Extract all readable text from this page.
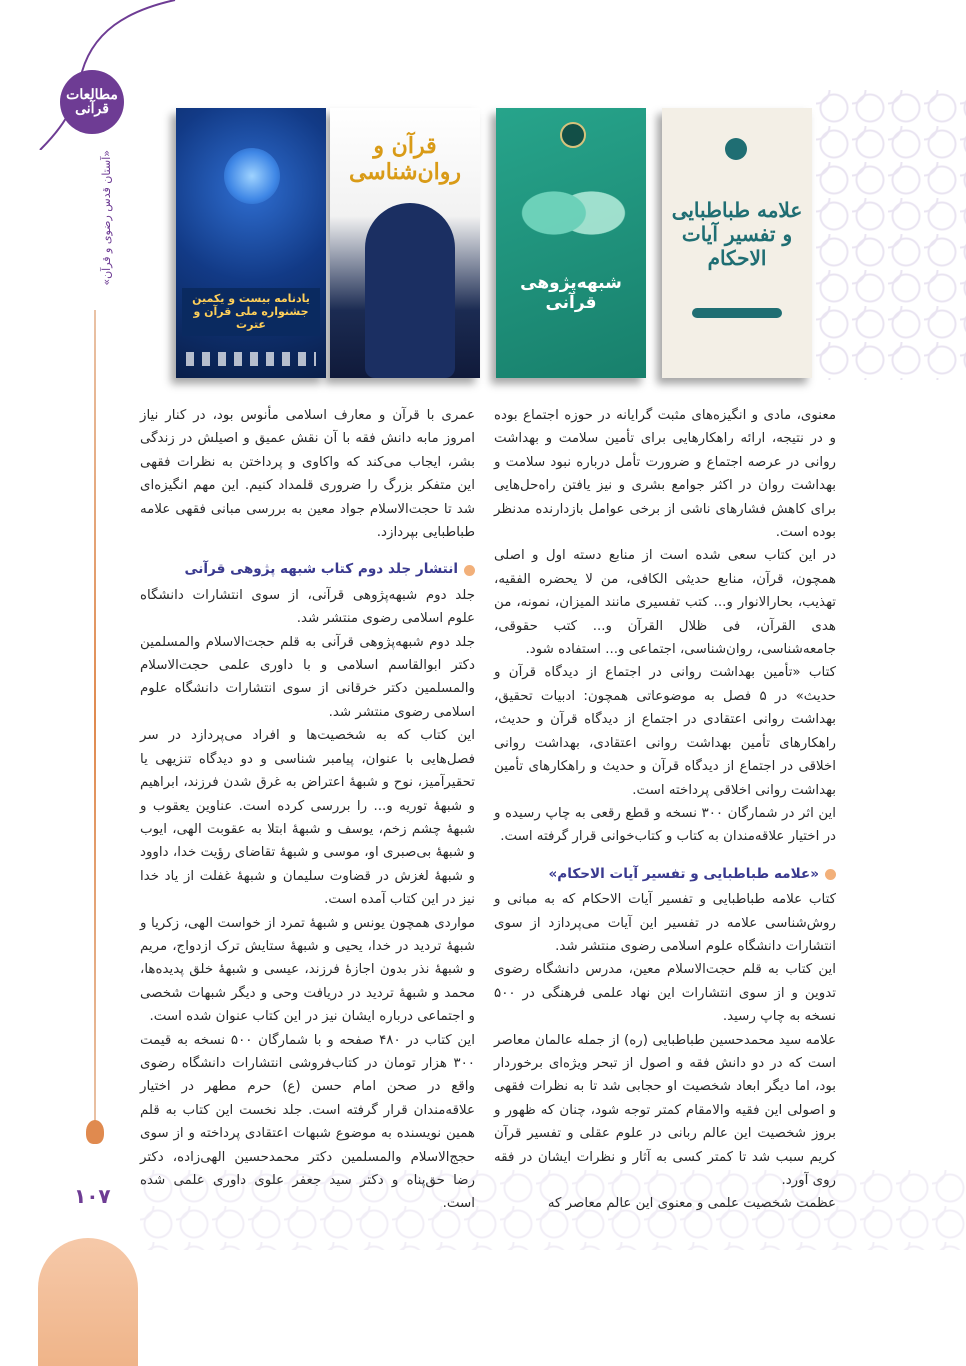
مطالعات
قرآنی
«آستان قدس رضوی و قرآن»
۱۰۷
علامه طباطبایی و تفسیر آیات الاحکام
شبهه‌پژوهی قرآنی
قرآن و روان‌شناسی
یادنامه بیست و یکمین جشنواره ملی قرآن و عترت

معنوی، مادی و انگیزه‌های مثبت گرایانه در حوزه اجتماع بوده و در نتیجه، ارائه راهکارهایی برای تأمین سلامت و بهداشت روانی در عرصه اجتماع و ضرورت تأمل درباره نبود سلامت و بهداشت روان در اکثر جوامع بشری و نیز یافتن راه‌حل‌هایی برای کاهش فشارهای ناشی از برخی عوامل بازدارنده مدنظر بوده است.

در این کتاب سعی شده است از منابع دسته اول و اصلی همچون، قرآن، منابع حدیثی الکافی، من لا یحضره الفقیه، تهذیب، بحارالانوار و... کتب تفسیری مانند المیزان، نمونه، من هدی القرآن، فی ظلال القرآن و... کتب حقوقی، جامعه‌شناسی، روان‌شناسی، اجتماعی و... استفاده شود.

کتاب «تأمین بهداشت روانی در اجتماع از دیدگاه قرآن و حدیث» در ۵ فصل به موضوعاتی همچون: ادبیات تحقیق، بهداشت روانی اعتقادی در اجتماع از دیدگاه قرآن و حدیث، راهکارهای تأمین بهداشت روانی اعتقادی، بهداشت روانی اخلاقی در اجتماع از دیدگاه قرآن و حدیث و راهکارهای تأمین بهداشت روانی اخلاقی پرداخته است.

این اثر در شمارگان ۳۰۰ نسخه و قطع رقعی به چاپ رسیده و در اختیار علاقه‌مندان به کتاب و کتاب‌خوانی قرار گرفته است.

«علامه طباطبایی و تفسیر آیات الاحکام»

کتاب علامه طباطبایی و تفسیر آیات الاحکام که به مبانی و روش‌شناسی علامه در تفسیر این آیات می‌پردازد از سوی انتشارات دانشگاه علوم اسلامی رضوی منتشر شد.

این کتاب به قلم حجت‌الاسلام معین، مدرس دانشگاه رضوی تدوین و از سوی انتشارات این نهاد علمی فرهنگی در ۵۰۰ نسخه به چاپ رسید.

علامه سید محمدحسین طباطبایی (ره) از جمله عالمان معاصر است که در دو دانش فقه و اصول از تبحر ویژه‌ای برخوردار بود، اما دیگر ابعاد شخصیت او حجابی شد تا به نظرات فقهی و اصولی این فقیه والامقام کمتر توجه شود، چنان که ظهور و بروز شخصیت این عالم ربانی در علوم عقلی و تفسیر قرآن کریم سبب شد تا کمتر کسی به آثار و نظرات ایشان در فقه روی آورد.

عظمت شخصیت علمی و معنوی این عالم معاصر که

عمری با قرآن و معارف اسلامی مأنوس بود، در کنار نیاز امروز مابه دانش فقه با آن نقش عمیق و اصیلش در زندگی بشر، ایجاب می‌کند که واکاوی و پرداختن به نظرات فقهی این متفکر بزرگ را ضروری قلمداد کنیم. این مهم انگیزه‌ای شد تا حجت‌الاسلام جواد معین به بررسی مبانی فقهی علامه طباطبایی بپردازد.

انتشار جلد دوم کتاب شبهه پژوهی قرآنی

جلد دوم شبهه‌پژوهی قرآنی، از سوی انتشارات دانشگاه علوم اسلامی رضوی منتشر شد.

جلد دوم شبهه‌پژوهی قرآنی به قلم حجت‌الاسلام والمسلمین دکتر ابوالقاسم اسلامی و با داوری علمی حجت‌الاسلام والمسلمین دکتر خرقانی از سوی انتشارات دانشگاه علوم اسلامی رضوی منتشر شد.

این کتاب که به شخصیت‌ها و افراد می‌پردازد در سر فصل‌هایی با عنوان، پیامبر شناسی و دو دیدگاه تنزیهی یا تحقیرآمیز، نوح و شبهۀ اعتراض به غرق شدن فرزند، ابراهیم و شبهۀ توریه و... را بررسی کرده است. عناوین یعقوب و شبهۀ چشم زخم، یوسف و شبهۀ ابتلا به عقوبت الهی، ایوب و شبهۀ بی‌صبری او، موسی و شبهۀ تقاضای رؤیت خدا، داوود و شبهۀ لغزش در قضاوت سلیمان و شبهۀ غفلت از یاد خدا نیز در این کتاب آمده است.

مواردی همچون یونس و شبهۀ تمرد از خواست الهی، زکریا و شبهۀ تردید در خدا، یحیی و شبهۀ ستایش ترک ازدواج، مریم و شبهۀ نذر بدون اجازۀ فرزند، عیسی و شبهۀ خلق پدیده‌ها، محمد و شبهۀ تردید در دریافت وحی و دیگر شبهات شخصی و اجتماعی درباره ایشان نیز در این کتاب عنوان شده است.

این کتاب در ۴۸۰ صفحه و با شمارگان ۵۰۰ نسخه به قیمت ۳۰۰ هزار تومان در کتاب‌فروشی انتشارات دانشگاه رضوی واقع در صحن امام حسن (ع) حرم مطهر در اختیار علاقه‌مندان قرار گرفته است. جلد نخست این کتاب به قلم همین نویسنده به موضوع شبهات اعتقادی پرداخته و از سوی حجج‌الاسلام والمسلمین دکتر محمدحسین الهی‌زاده، دکتر رضا حق‌پناه و دکتر سید جعفر علوی داوری علمی شده است.
